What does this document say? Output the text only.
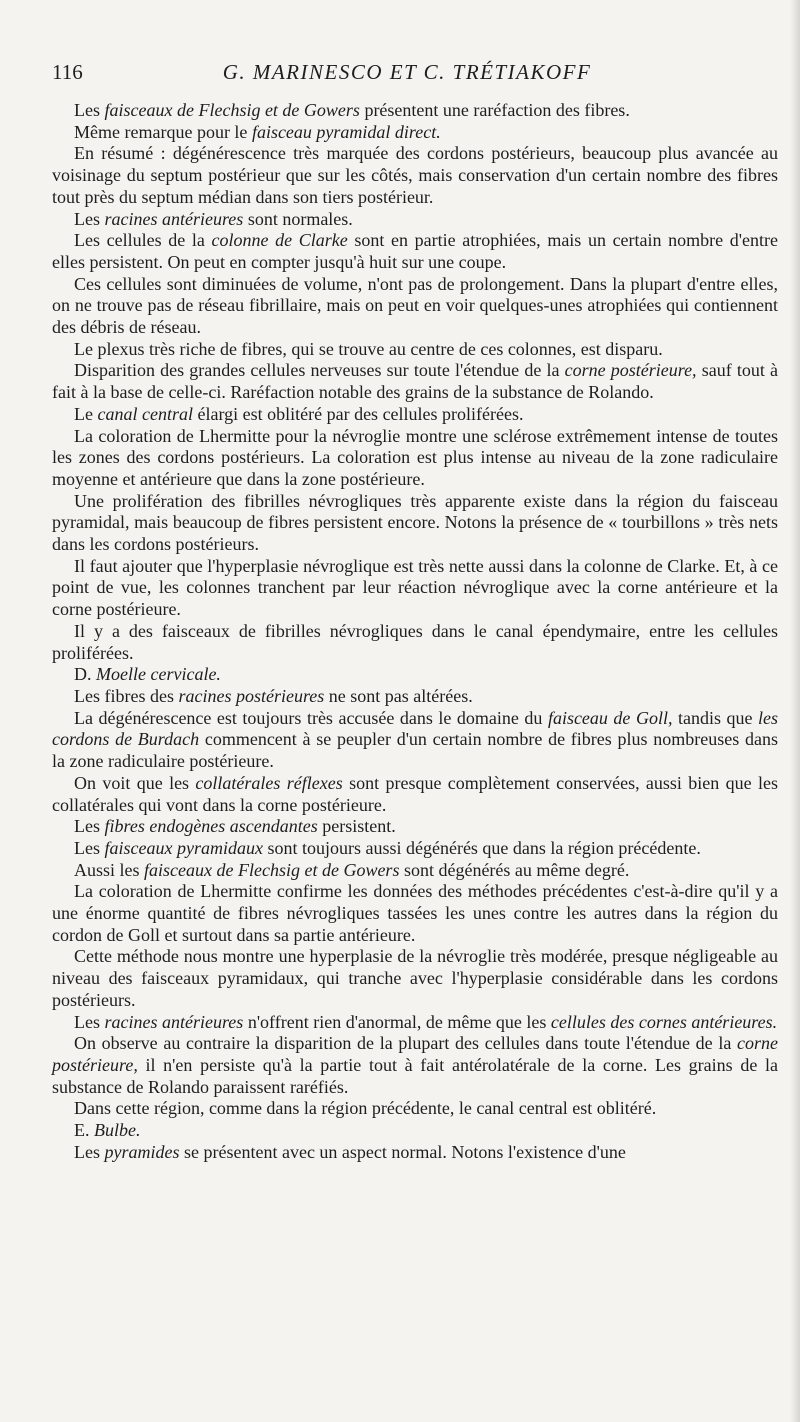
116	G. MARINESCO ET C. TRÉTIAKOFF

Les faisceaux de Flechsig et de Gowers présentent une raréfaction des fibres.

Même remarque pour le faisceau pyramidal direct.

En résumé : dégénérescence très marquée des cordons postérieurs, beaucoup plus avancée au voisinage du septum postérieur que sur les côtés, mais conservation d'un certain nombre des fibres tout près du septum médian dans son tiers postérieur.

Les racines antérieures sont normales.

Les cellules de la colonne de Clarke sont en partie atrophiées, mais un certain nombre d'entre elles persistent. On peut en compter jusqu'à huit sur une coupe.

Ces cellules sont diminuées de volume, n'ont pas de prolongement. Dans la plupart d'entre elles, on ne trouve pas de réseau fibrillaire, mais on peut en voir quelques-unes atrophiées qui contiennent des débris de réseau.

Le plexus très riche de fibres, qui se trouve au centre de ces colonnes, est disparu.

Disparition des grandes cellules nerveuses sur toute l'étendue de la corne postérieure, sauf tout à fait à la base de celle-ci. Raréfaction notable des grains de la substance de Rolando.

Le canal central élargi est oblitéré par des cellules proliférées.

La coloration de Lhermitte pour la névroglie montre une sclérose extrêmement intense de toutes les zones des cordons postérieurs. La coloration est plus intense au niveau de la zone radiculaire moyenne et antérieure que dans la zone postérieure.

Une prolifération des fibrilles névrogliques très apparente existe dans la région du faisceau pyramidal, mais beaucoup de fibres persistent encore. Notons la présence de « tourbillons » très nets dans les cordons postérieurs.

Il faut ajouter que l'hyperplasie névroglique est très nette aussi dans la colonne de Clarke. Et, à ce point de vue, les colonnes tranchent par leur réaction névroglique avec la corne antérieure et la corne postérieure.

Il y a des faisceaux de fibrilles névrogliques dans le canal épendymaire, entre les cellules proliférées.

D. Moelle cervicale.

Les fibres des racines postérieures ne sont pas altérées.

La dégénérescence est toujours très accusée dans le domaine du faisceau de Goll, tandis que les cordons de Burdach commencent à se peupler d'un certain nombre de fibres plus nombreuses dans la zone radiculaire postérieure.

On voit que les collatérales réflexes sont presque complètement conservées, aussi bien que les collatérales qui vont dans la corne postérieure.

Les fibres endogènes ascendantes persistent.

Les faisceaux pyramidaux sont toujours aussi dégénérés que dans la région précédente.

Aussi les faisceaux de Flechsig et de Gowers sont dégénérés au même degré.

La coloration de Lhermitte confirme les données des méthodes précédentes c'est-à-dire qu'il y a une énorme quantité de fibres névrogliques tassées les unes contre les autres dans la région du cordon de Goll et surtout dans sa partie antérieure.

Cette méthode nous montre une hyperplasie de la névroglie très modérée, presque négligeable au niveau des faisceaux pyramidaux, qui tranche avec l'hyperplasie considérable dans les cordons postérieurs.

Les racines antérieures n'offrent rien d'anormal, de même que les cellules des cornes antérieures.

On observe au contraire la disparition de la plupart des cellules dans toute l'étendue de la corne postérieure, il n'en persiste qu'à la partie tout à fait antérolatérale de la corne. Les grains de la substance de Rolando paraissent raréfiés.

Dans cette région, comme dans la région précédente, le canal central est oblitéré.

E. Bulbe.

Les pyramides se présentent avec un aspect normal. Notons l'existence d'une
